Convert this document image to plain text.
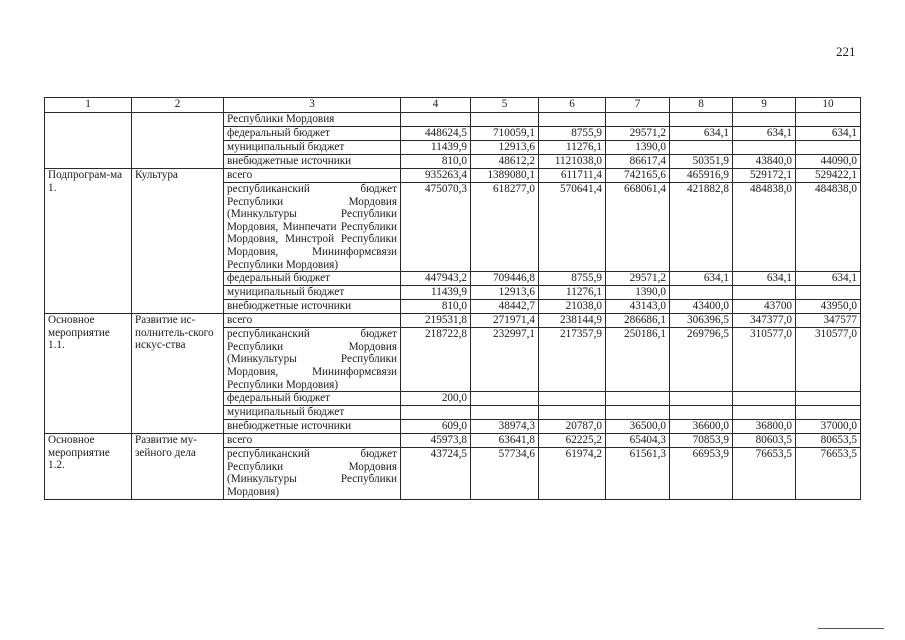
221
1	2	3	4	5	6	7	8	9	10
		Республики Мордовия							
		федеральный бюджет	448624,5	710059,1	8755,9	29571,2	634,1	634,1	634,1
		муниципальный бюджет	11439,9	12913,6	11276,1	1390,0			
		внебюджетные источники	810,0	48612,2	1121038,0	86617,4	50351,9	43840,0	44090,0
Подпрограм-ма 1.	Культура	всего	935263,4	1389080,1	611711,4	742165,6	465916,9	529172,1	529422,1
		республиканский бюджет Республики Мордовия (Минкультуры Республики Мордовия, Минпечати Республики Мордовия, Минстрой Республики Мордовия, Мининформсвязи Республики Мордовия)	475070,3	618277,0	570641,4	668061,4	421882,8	484838,0	484838,0
		федеральный бюджет	447943,2	709446,8	8755,9	29571,2	634,1	634,1	634,1
		муниципальный бюджет	11439,9	12913,6	11276,1	1390,0			
		внебюджетные источники	810,0	48442,7	21038,0	43143,0	43400,0	43700	43950,0
Основное мероприятие 1.1.	Развитие ис-полнитель-ского искус-ства	всего	219531,8	271971,4	238144,9	286686,1	306396,5	347377,0	347577
		республиканский бюджет Республики Мордовия (Минкультуры Республики Мордовия, Мининформсвязи Республики Мордовия)	218722,8	232997,1	217357,9	250186,1	269796,5	310577,0	310577,0
		федеральный бюджет	200,0						
		муниципальный бюджет							
		внебюджетные источники	609,0	38974,3	20787,0	36500,0	36600,0	36800,0	37000,0
Основное мероприятие 1.2.	Развитие му-зейного дела	всего	45973,8	63641,8	62225,2	65404,3	70853,9	80603,5	80653,5
		республиканский бюджет Республики Мордовия (Минкультуры Республики Мордовия)	43724,5	57734,6	61974,2	61561,3	66953,9	76653,5	76653,5
